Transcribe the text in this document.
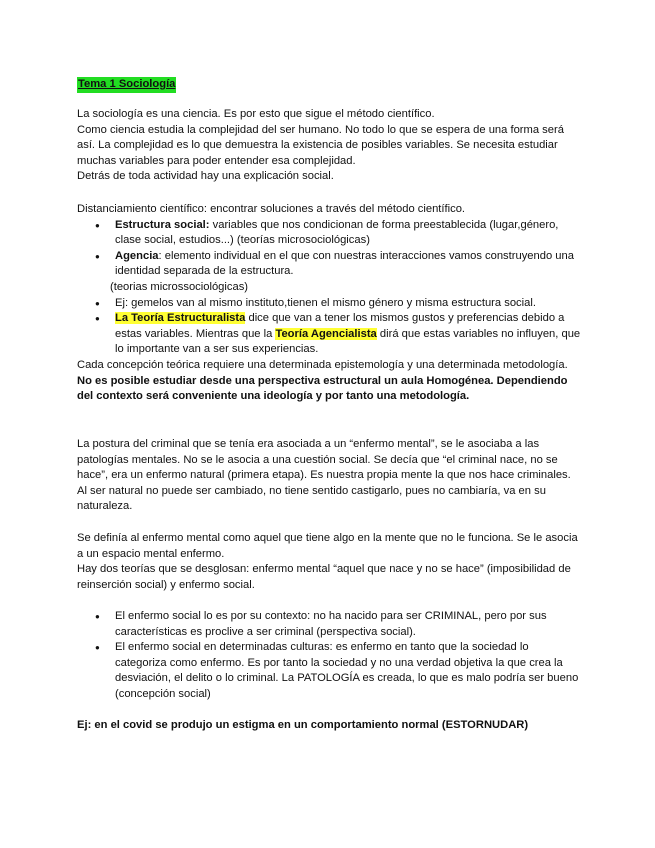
Tema 1 Sociología

La sociología es una ciencia. Es por esto que sigue el método científico.

Como ciencia estudia la complejidad del ser humano. No todo lo que se espera de una forma será así. La complejidad es lo que demuestra la existencia de posibles variables. Se necesita estudiar muchas variables para poder entender esa complejidad.

Detrás de toda actividad hay una explicación social.

Distanciamiento científico: encontrar soluciones a través del método científico.

● Estructura social: variables que nos condicionan de forma preestablecida (lugar,género, clase social, estudios...) (teorías microsociológicas)
● Agencia: elemento individual en el que con nuestras interacciones vamos construyendo una identidad separada de la estructura.

(teorias microssociológicas)

● Ej: gemelos van al mismo instituto,tienen el mismo género y misma estructura social.
● La Teoría Estructuralista dice que van a tener los mismos gustos y preferencias debido a estas variables. Mientras que la Teoría Agencialista dirá que estas variables no influyen, que lo importante van a ser sus experiencias.

Cada concepción teórica requiere una determinada epistemología y una determinada metodología. No es posible estudiar desde una perspectiva estructural un aula Homogénea. Dependiendo del contexto será conveniente una ideología y por tanto una metodología.

La postura del criminal que se tenía era asociada a un “enfermo mental”, se le asociaba a las patologías mentales. No se le asocia a una cuestión social. Se decía que “el criminal nace, no se hace”, era un enfermo natural (primera etapa). Es nuestra propia mente la que nos hace criminales. Al ser natural no puede ser cambiado, no tiene sentido castigarlo, pues no cambiaría, va en su naturaleza.

Se definía al enfermo mental como aquel que tiene algo en la mente que no le funciona. Se le asocia a un espacio mental enfermo.

Hay dos teorías que se desglosan: enfermo mental “aquel que nace y no se hace” (imposibilidad de reinserción social) y enfermo social.

● El enfermo social lo es por su contexto: no ha nacido para ser CRIMINAL, pero por sus características es proclive a ser criminal (perspectiva social).
● El enfermo social en determinadas culturas: es enfermo en tanto que la sociedad lo categoriza como enfermo. Es por tanto la sociedad y no una verdad objetiva la que crea la desviación, el delito o lo criminal. La PATOLOGÍA es creada, lo que es malo podría ser bueno (concepción social)
Ej: en el covid se produjo un estigma en un comportamiento normal (ESTORNUDAR)
